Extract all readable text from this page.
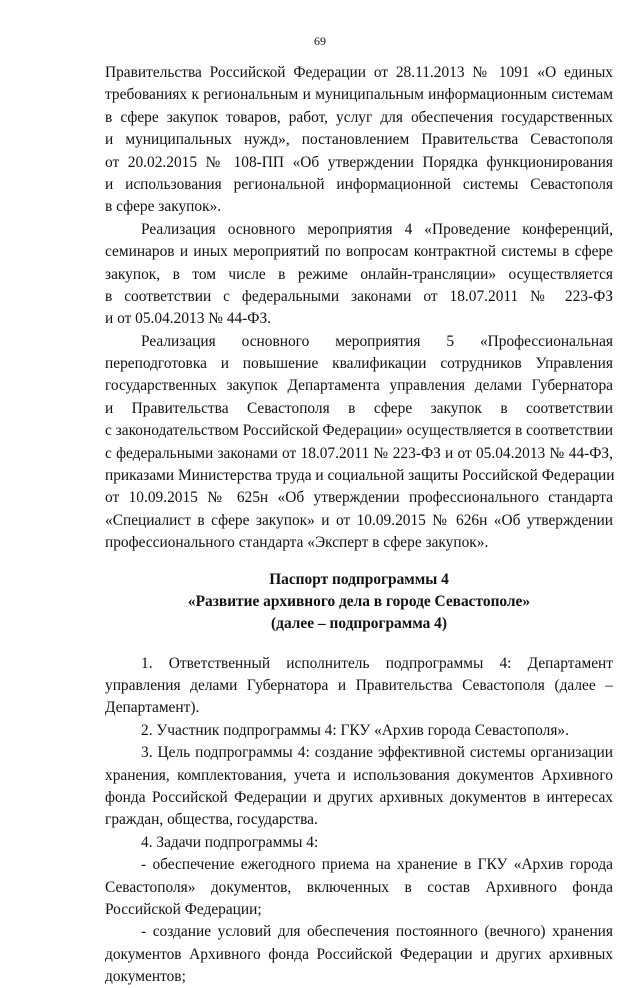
69
Правительства Российской Федерации от 28.11.2013 № 1091 «О единых
требованиях к региональным и муниципальным информационным системам
в сфере закупок товаров, работ, услуг для обеспечения государственных
и муниципальных нужд», постановлением Правительства Севастополя
от 20.02.2015 № 108-ПП «Об утверждении Порядка функционирования
и использования региональной информационной системы Севастополя
в сфере закупок».
Реализация основного мероприятия 4 «Проведение конференций,
семинаров и иных мероприятий по вопросам контрактной системы в сфере
закупок, в том числе в режиме онлайн-трансляции» осуществляется
в соответствии с федеральными законами от 18.07.2011 № 223-ФЗ
и от 05.04.2013 № 44-ФЗ.
Реализация основного мероприятия 5 «Профессиональная
переподготовка и повышение квалификации сотрудников Управления
государственных закупок Департамента управления делами Губернатора
и Правительства Севастополя в сфере закупок в соответствии
с законодательством Российской Федерации» осуществляется в соответствии
с федеральными законами от 18.07.2011 № 223-ФЗ и от 05.04.2013 № 44-ФЗ,
приказами Министерства труда и социальной защиты Российской Федерации
от 10.09.2015 № 625н «Об утверждении профессионального стандарта
«Специалист в сфере закупок» и от 10.09.2015 № 626н «Об утверждении
профессионального стандарта «Эксперт в сфере закупок».
Паспорт подпрограммы 4
«Развитие архивного дела в городе Севастополе»
(далее – подпрограмма 4)
1. Ответственный исполнитель подпрограммы 4: Департамент
управления делами Губернатора и Правительства Севастополя (далее –
Департамент).
2. Участник подпрограммы 4: ГКУ «Архив города Севастополя».
3. Цель подпрограммы 4: создание эффективной системы организации
хранения, комплектования, учета и использования документов Архивного
фонда Российской Федерации и других архивных документов в интересах
граждан, общества, государства.
4. Задачи подпрограммы 4:
- обеспечение ежегодного приема на хранение в ГКУ «Архив города
Севастополя» документов, включенных в состав Архивного фонда
Российской Федерации;
- создание условий для обеспечения постоянного (вечного) хранения
документов Архивного фонда Российской Федерации и других архивных
документов;
